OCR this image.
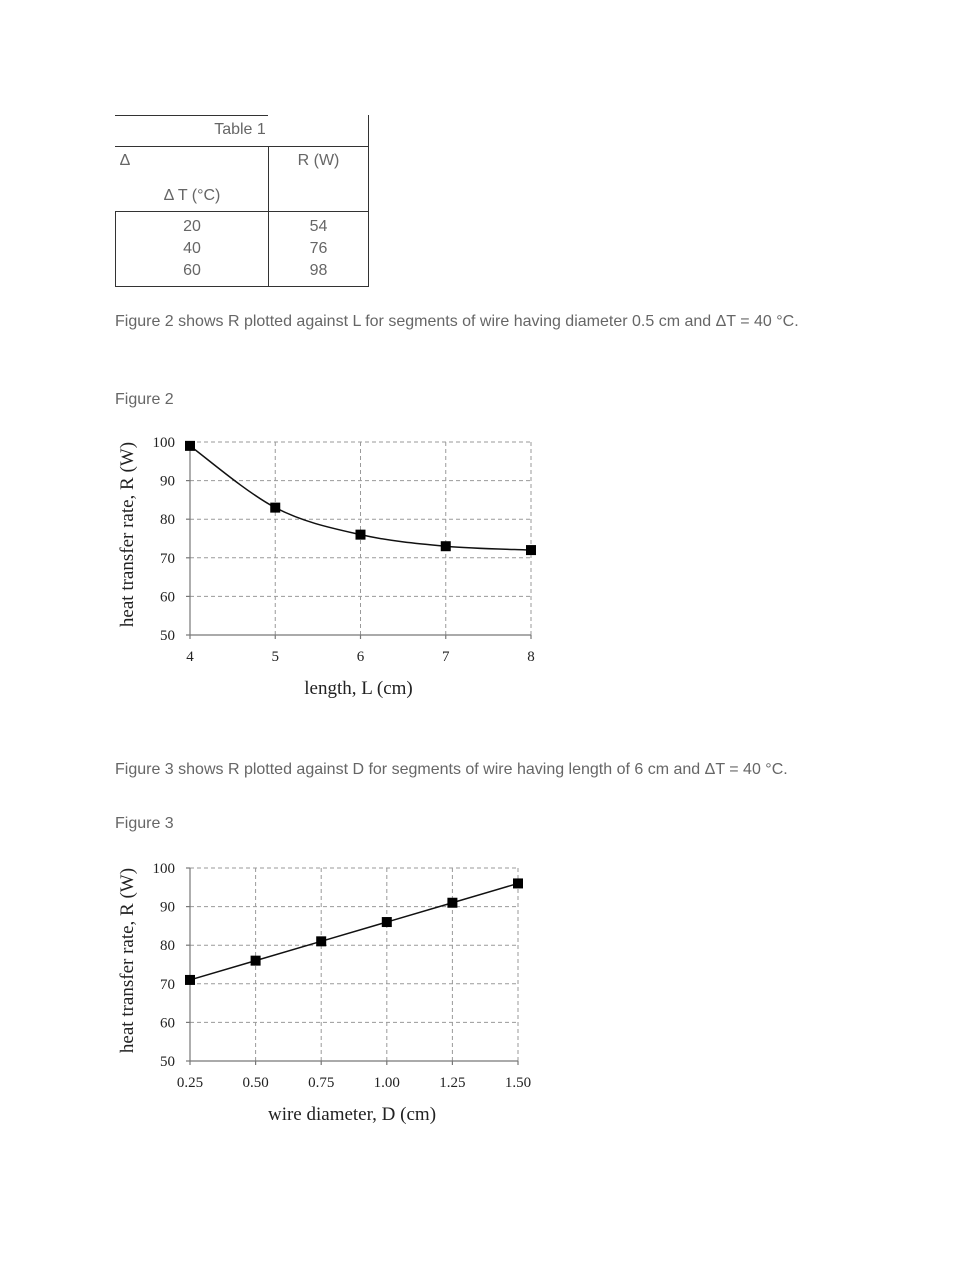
Table 1
Δ
Δ T (°C)
R (W)
20	54
40	76
60	98
Figure 2 shows R plotted against L for segments of wire having diameter 0.5 cm and ΔT = 40 °C.
Figure 2
Figure 3 shows R plotted against D for segments of wire having length of 6 cm and ΔT = 40 °C.
Figure 3
50
60
70
80
90
100
4	5	6	7	8
length, L (cm)
heat transfer rate, R (W)
50
60
70
80
90
100
0.25	0.50	0.75	1.00	1.25	1.50
wire diameter, D (cm)
heat transfer rate, R (W)
